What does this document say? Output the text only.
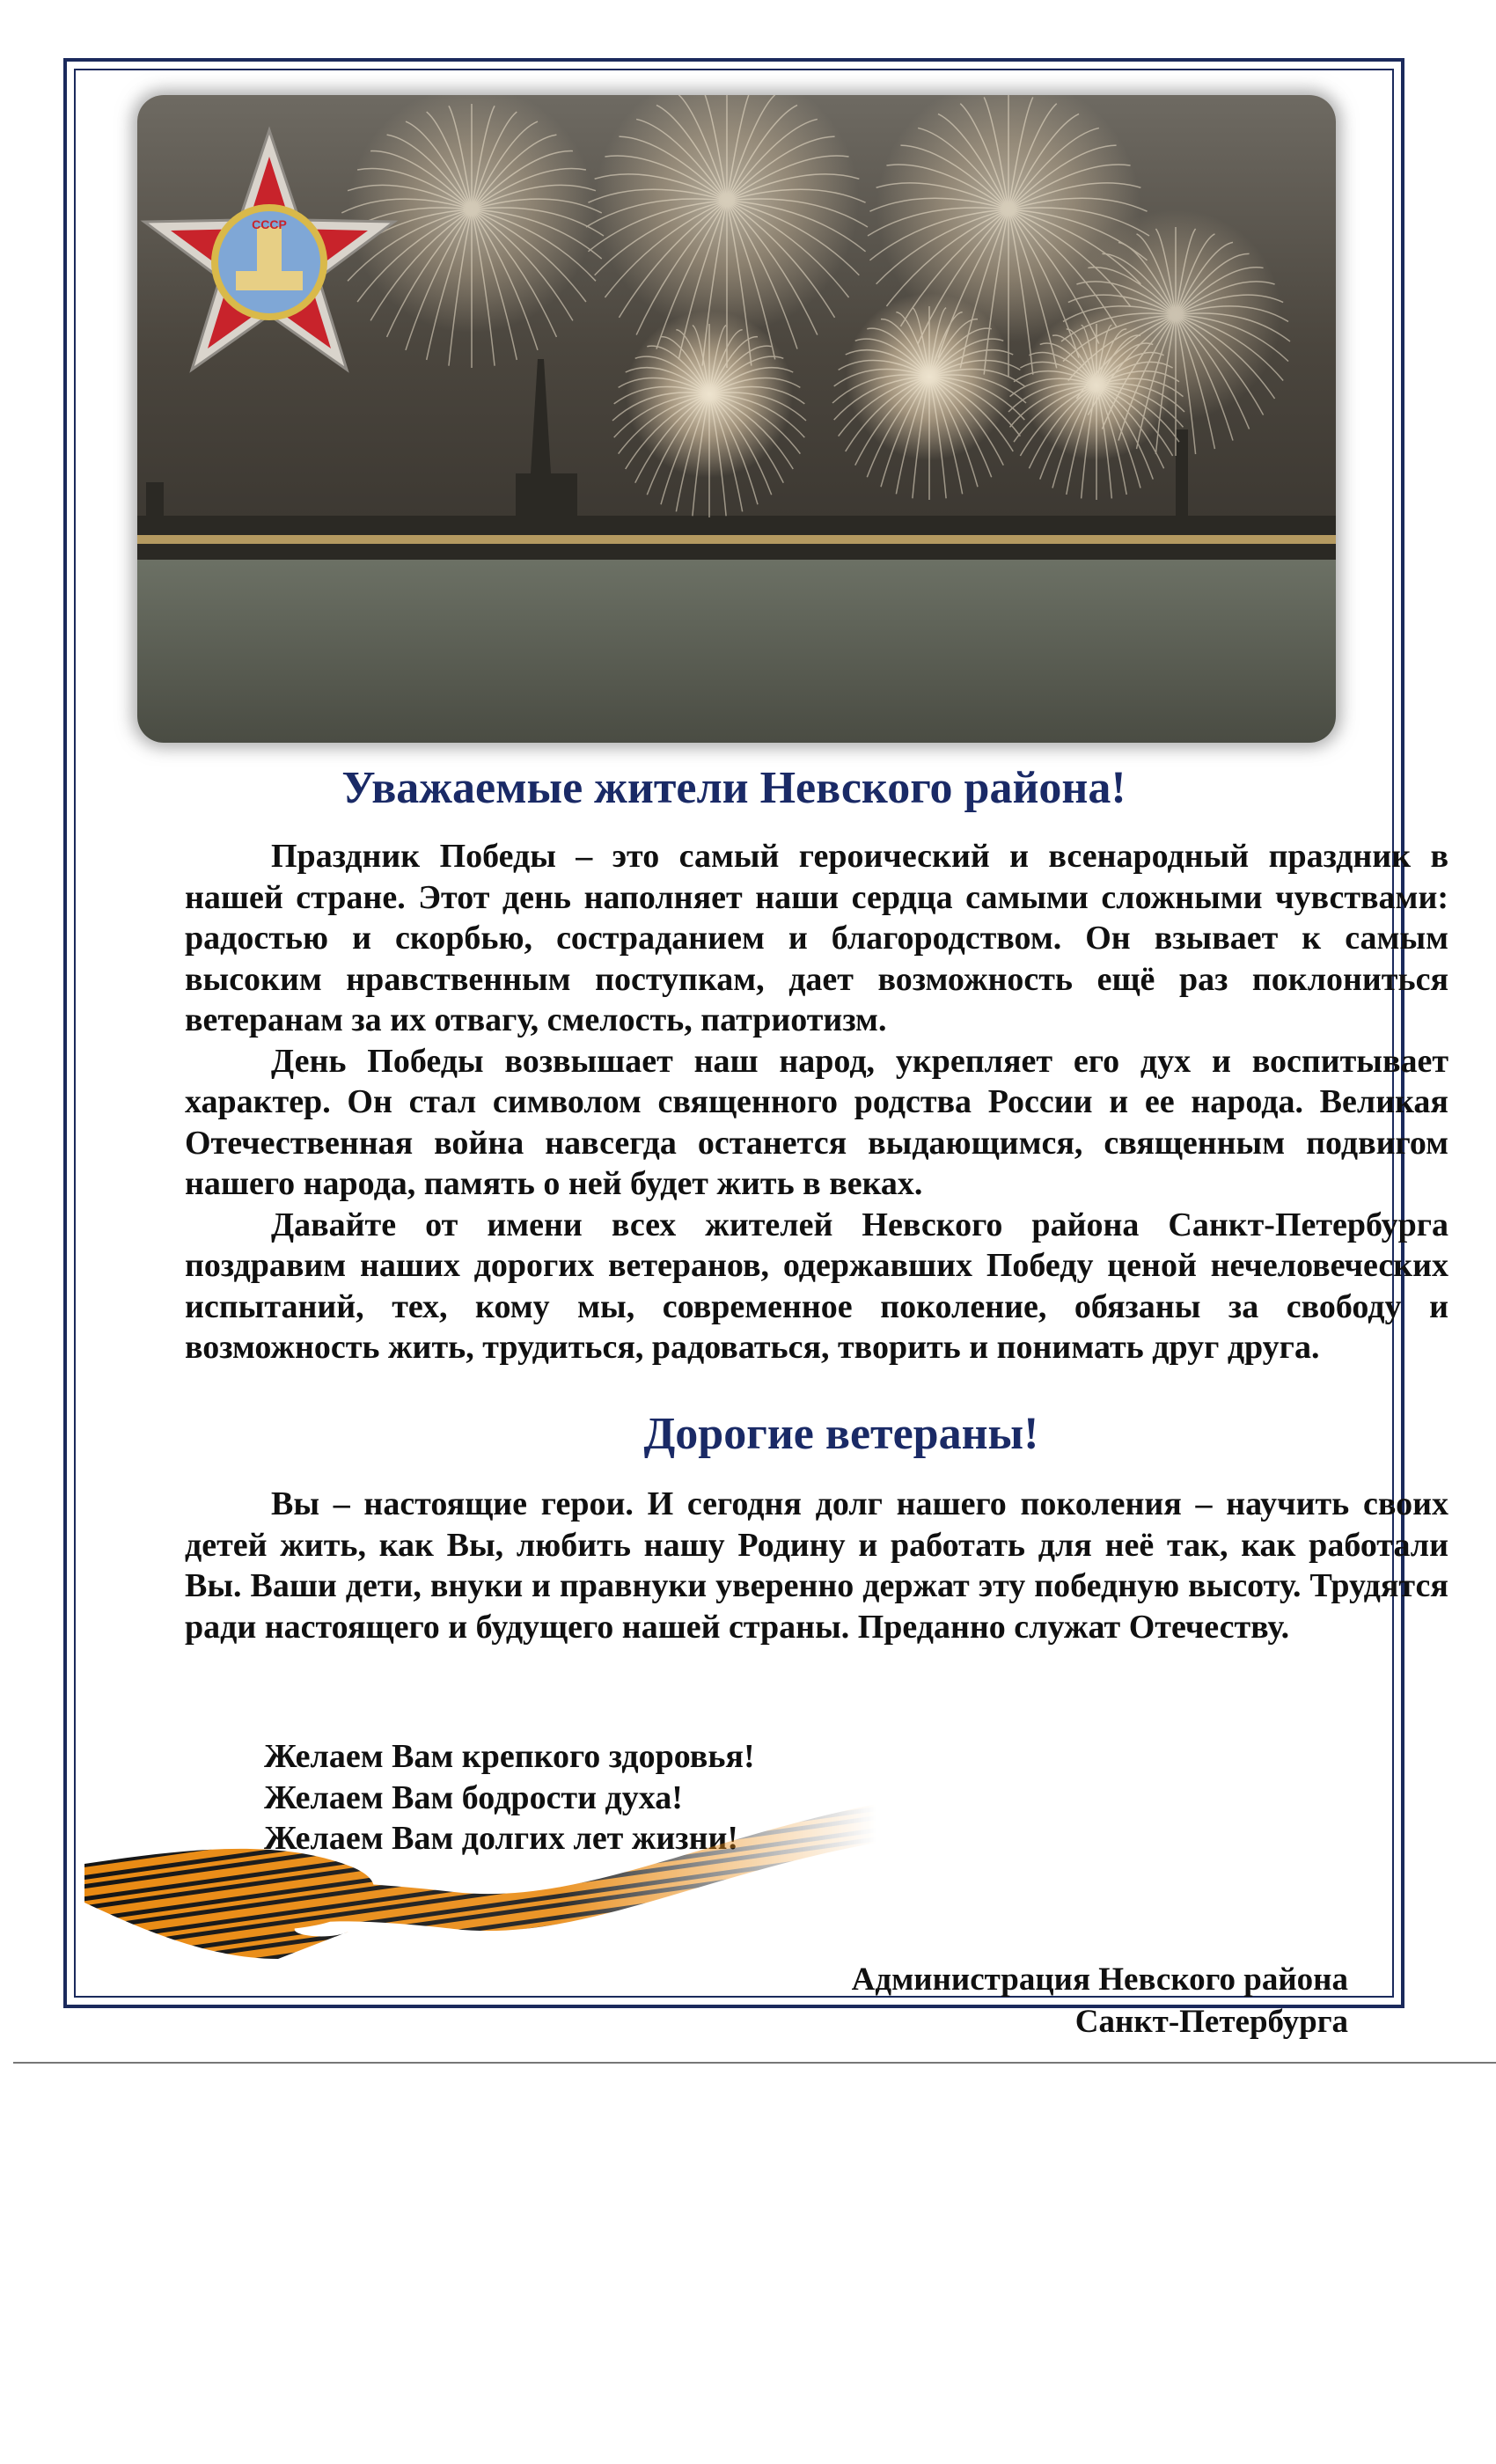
СССР
Уважаемые жители Невского района!

Праздник Победы – это самый героический и всенародный праздник в нашей стране. Этот день наполняет наши сердца самыми сложными чувствами: радостью и скорбью, состраданием и благородством. Он взывает к самым высоким нравственным поступкам, дает возможность ещё раз поклониться ветеранам за их отвагу, смелость, патриотизм.

День Победы возвышает наш народ, укрепляет его дух и воспитывает характер. Он стал символом священного родства России и ее народа. Великая Отечественная война навсегда останется выдающимся, священным подвигом нашего народа, память о ней будет жить в веках.

Давайте от имени всех жителей Невского района Санкт-Петербурга поздравим наших дорогих ветеранов, одержавших Победу ценой нечеловеческих испытаний, тех, кому мы, современное поколение, обязаны за свободу и возможность жить, трудиться, радоваться, творить и понимать друг друга.

Дорогие ветераны!

Вы – настоящие герои. И сегодня долг нашего поколения – научить своих детей жить, как Вы, любить нашу Родину и работать для неё так, как работали Вы. Ваши дети, внуки и правнуки уверенно держат эту победную высоту. Трудятся ради настоящего и будущего нашей страны. Преданно служат Отечеству.

Желаем Вам крепкого здоровья!
Желаем Вам бодрости духа!
Желаем Вам долгих лет жизни!
Администрация Невского района
Санкт-Петербурга
